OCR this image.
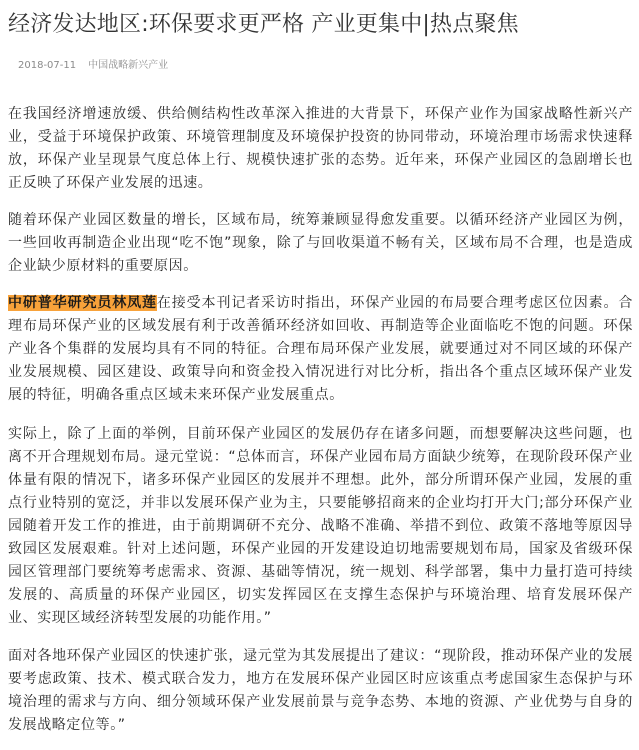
经济发达地区:环保要求更严格 产业更集中|热点聚焦
2018-07-11 中国战略新兴产业

在我国经济增速放缓、供给侧结构性改革深入推进的大背景下，环保产业作为国家战略性新兴产业，受益于环境保护政策、环境管理制度及环境保护投资的协同带动，环境治理市场需求快速释放，环保产业呈现景气度总体上行、规模快速扩张的态势。近年来，环保产业园区的急剧增长也正反映了环保产业发展的迅速。

随着环保产业园区数量的增长，区域布局，统筹兼顾显得愈发重要。以循环经济产业园区为例，一些回收再制造企业出现“吃不饱”现象，除了与回收渠道不畅有关，区域布局不合理，也是造成企业缺少原材料的重要原因。

中研普华研究员林凤莲在接受本刊记者采访时指出，环保产业园的布局要合理考虑区位因素。合理布局环保产业的区域发展有利于改善循环经济如回收、再制造等企业面临吃不饱的问题。环保产业各个集群的发展均具有不同的特征。合理布局环保产业发展，就要通过对不同区域的环保产业发展规模、园区建设、政策导向和资金投入情况进行对比分析，指出各个重点区域环保产业发展的特征，明确各重点区域未来环保产业发展重点。

实际上，除了上面的举例，目前环保产业园区的发展仍存在诸多问题，而想要解决这些问题，也离不开合理规划布局。逯元堂说：“总体而言，环保产业园布局方面缺少统筹，在现阶段环保产业体量有限的情况下，诸多环保产业园区的发展并不理想。此外，部分所谓环保产业园，发展的重点行业特别的宽泛，并非以发展环保产业为主，只要能够招商来的企业均打开大门;部分环保产业园随着开发工作的推进，由于前期调研不充分、战略不准确、举措不到位、政策不落地等原因导致园区发展艰难。针对上述问题，环保产业园的开发建设迫切地需要规划布局，国家及省级环保园区管理部门要统筹考虑需求、资源、基础等情况，统一规划、科学部署，集中力量打造可持续发展的、高质量的环保产业园区，切实发挥园区在支撑生态保护与环境治理、培育发展环保产业、实现区域经济转型发展的功能作用。”

面对各地环保产业园区的快速扩张，逯元堂为其发展提出了建议：“现阶段，推动环保产业的发展要考虑政策、技术、模式联合发力，地方在发展环保产业园区时应该重点考虑国家生态保护与环境治理的需求与方向、细分领域环保产业发展前景与竞争态势、本地的资源、产业优势与自身的发展战略定位等。”
